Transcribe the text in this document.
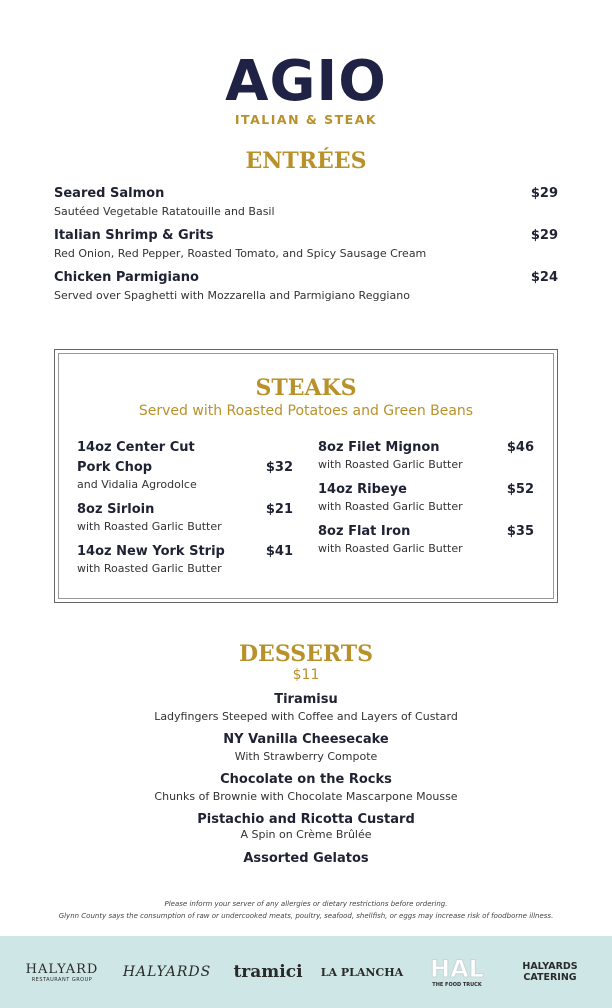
AGIO
ITALIAN & STEAK
ENTRÉES
Seared Salmon	$29
Sautéed Vegetable Ratatouille and Basil
Italian Shrimp & Grits	$29
Red Onion, Red Pepper, Roasted Tomato, and Spicy Sausage Cream
Chicken Parmigiano	$24
Served over Spaghetti with Mozzarella and Parmigiano Reggiano
STEAKS
Served with Roasted Potatoes and Green Beans
14oz Center Cut
Pork Chop	$32
and Vidalia Agrodolce
8oz Sirloin	$21
with Roasted Garlic Butter
14oz New York Strip	$41
with Roasted Garlic Butter
8oz Filet Mignon	$46
with Roasted Garlic Butter
14oz Ribeye	$52
with Roasted Garlic Butter
8oz Flat Iron	$35
with Roasted Garlic Butter
DESSERTS
$11
Tiramisu
Ladyfingers Steeped with Coffee and Layers of Custard
NY Vanilla Cheesecake
With Strawberry Compote
Chocolate on the Rocks
Chunks of Brownie with Chocolate Mascarpone Mousse
Pistachio and Ricotta Custard
A Spin on Crème Brûlée
Assorted Gelatos
Please inform your server of any allergies or dietary restrictions before ordering.
Glynn County says the consumption of raw or undercooked meats, poultry, seafood, shellfish, or eggs may increase risk of foodborne illness.
HALYARD
RESTAURANT GROUP	HALYARDS	tramici LA PLANCHA HAL
THE FOOD TRUCK
HALYARDS
CATERING
